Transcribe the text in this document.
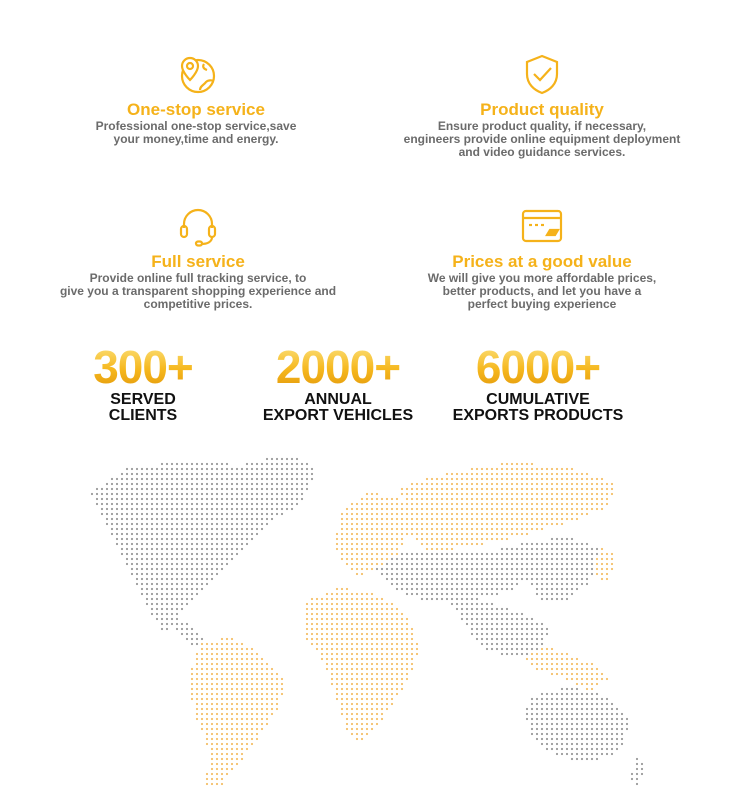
One-stop service
Professional one-stop service,save
your money,time and energy.
Product quality
Ensure product quality, if necessary,
engineers provide online equipment deployment
and video guidance services.
Full service
Provide online full tracking service, to
give you a transparent shopping experience and
competitive prices.
Prices at a good value
We will give you more affordable prices,
better products, and let you have a
perfect buying experience
300+
SERVED
CLIENTS
2000+
ANNUAL
EXPORT VEHICLES
6000+
CUMULATIVE
EXPORTS PRODUCTS
